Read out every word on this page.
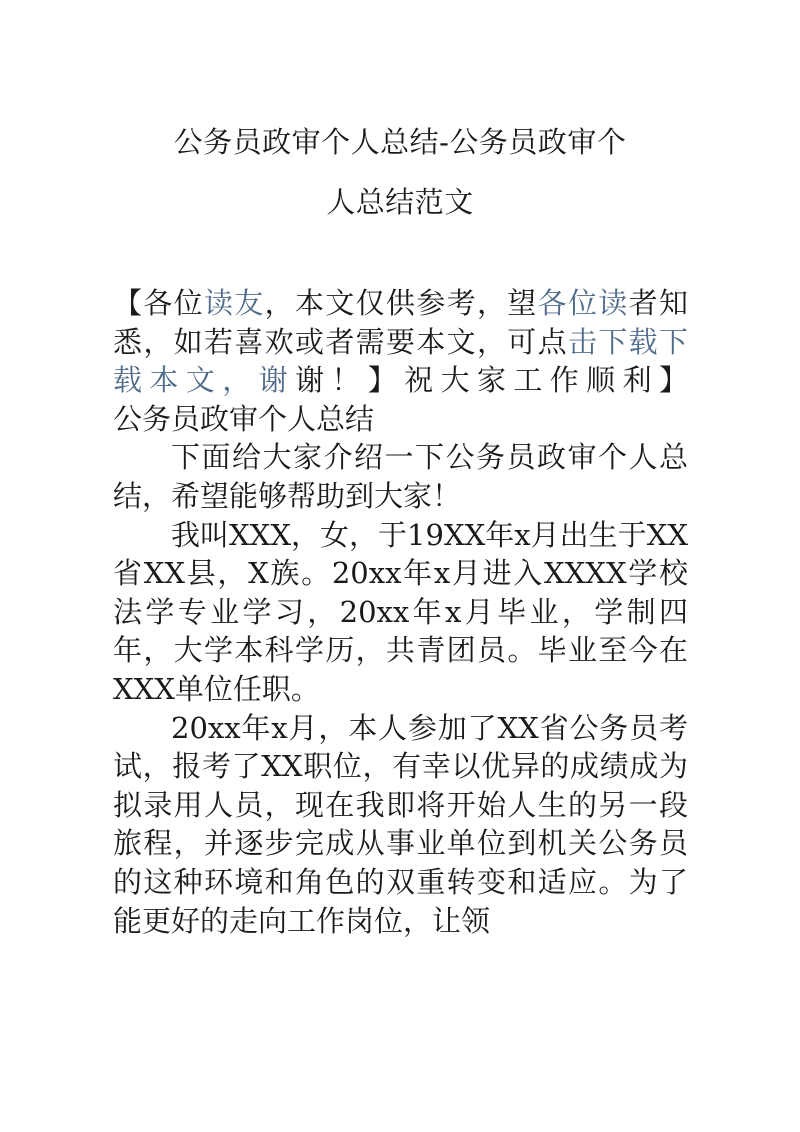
公务员政审个人总结-公务员政审个
人总结范文
【各位读友，本文仅供参考，望各位读者知悉，如若喜欢或者需要本文，可点击下载下载本文，谢谢！】祝大家工作顺利】

公务员政审个人总结

下面给大家介绍一下公务员政审个人总结，希望能够帮助到大家！

我叫XXX，女，于19XX年x月出生于XX省XX县，X族。20xx年x月进入XXXX学校法学专业学习，20xx年x月毕业，学制四年，大学本科学历，共青团员。毕业至今在XXX单位任职。

20xx年x月，本人参加了XX省公务员考试，报考了XX职位，有幸以优异的成绩成为拟录用人员，现在我即将开始人生的另一段旅程，并逐步完成从事业单位到机关公务员的这种环境和角色的双重转变和适应。为了能更好的走向工作岗位，让领
